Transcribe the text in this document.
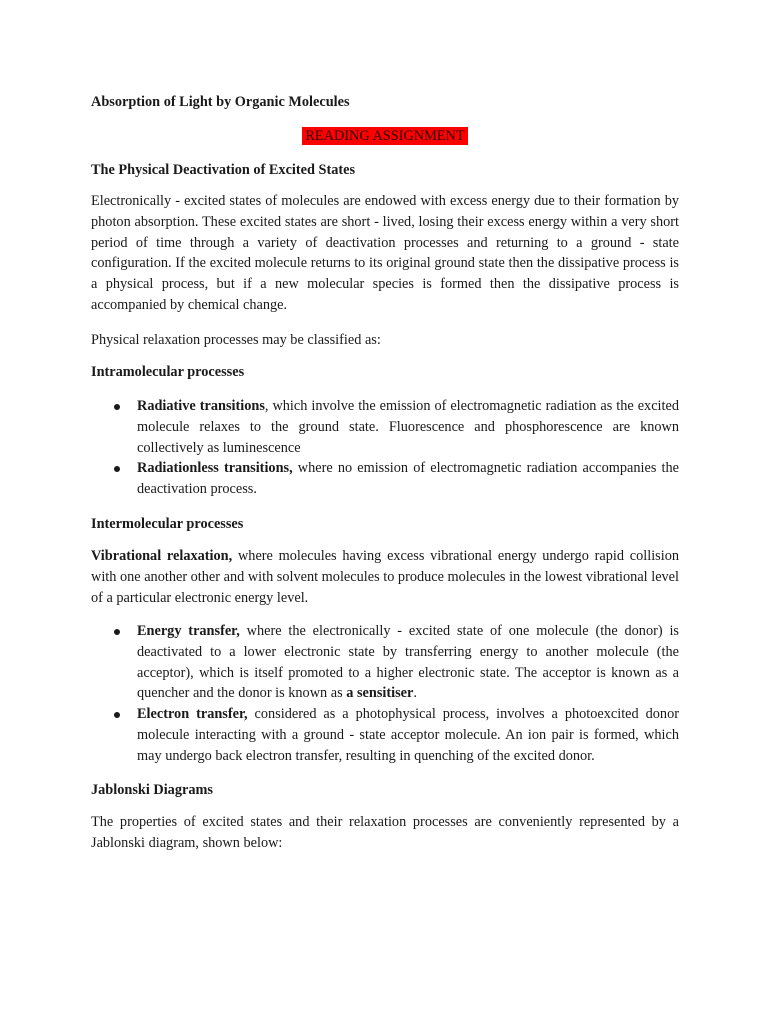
Absorption of Light by Organic Molecules
READING ASSIGNMENT
The Physical Deactivation of Excited States
Electronically - excited states of molecules are endowed with excess energy due to their formation by photon absorption. These excited states are short - lived, losing their excess energy within a very short period of time through a variety of deactivation processes and returning to a ground - state configuration. If the excited molecule returns to its original ground state then the dissipative process is a physical process, but if a new molecular species is formed then the dissipative process is accompanied by chemical change.
Physical relaxation processes may be classified as:
Intramolecular processes
Radiative transitions, which involve the emission of electromagnetic radiation as the excited molecule relaxes to the ground state. Fluorescence and phosphorescence are known collectively as luminescence
Radiationless transitions, where no emission of electromagnetic radiation accompanies the deactivation process.
Intermolecular processes
Vibrational relaxation, where molecules having excess vibrational energy undergo rapid collision with one another other and with solvent molecules to produce molecules in the lowest vibrational level of a particular electronic energy level.
Energy transfer, where the electronically - excited state of one molecule (the donor) is deactivated to a lower electronic state by transferring energy to another molecule (the acceptor), which is itself promoted to a higher electronic state. The acceptor is known as a quencher and the donor is known as a sensitiser.
Electron transfer, considered as a photophysical process, involves a photoexcited donor molecule interacting with a ground - state acceptor molecule. An ion pair is formed, which may undergo back electron transfer, resulting in quenching of the excited donor.
Jablonski Diagrams
The properties of excited states and their relaxation processes are conveniently represented by a Jablonski diagram, shown below:
